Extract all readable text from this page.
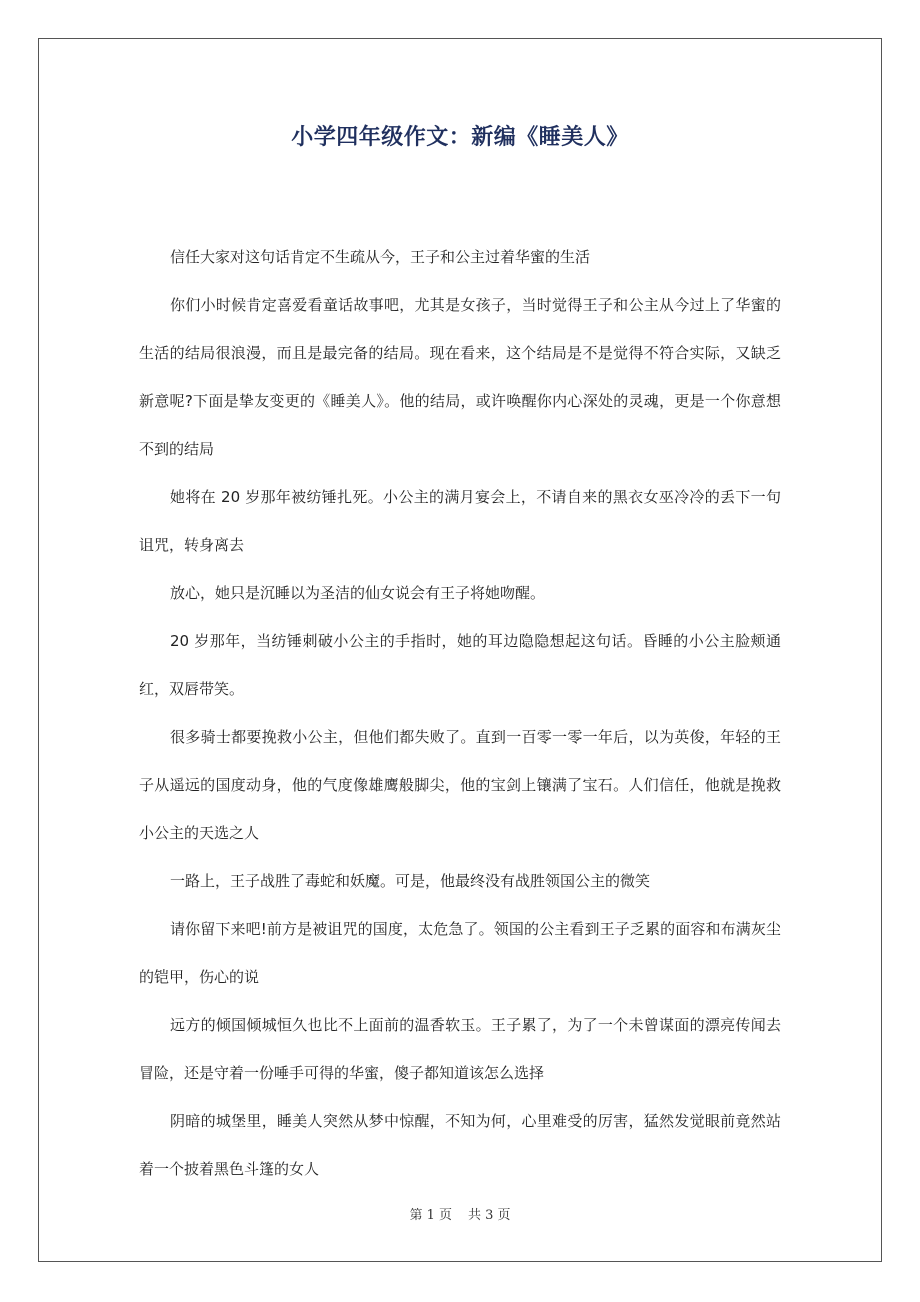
小学四年级作文：新编《睡美人》

信任大家对这句话肯定不生疏从今，王子和公主过着华蜜的生活

你们小时候肯定喜爱看童话故事吧，尤其是女孩子，当时觉得王子和公主从今过上了华蜜的生活的结局很浪漫，而且是最完备的结局。现在看来，这个结局是不是觉得不符合实际，又缺乏新意呢?下面是挚友变更的《睡美人》。他的结局，或许唤醒你内心深处的灵魂，更是一个你意想不到的结局

她将在 20 岁那年被纺锤扎死。小公主的满月宴会上，不请自来的黑衣女巫冷冷的丢下一句诅咒，转身离去

放心，她只是沉睡以为圣洁的仙女说会有王子将她吻醒。

20 岁那年，当纺锤刺破小公主的手指时，她的耳边隐隐想起这句话。昏睡的小公主脸颊通红，双唇带笑。

很多骑士都要挽救小公主，但他们都失败了。直到一百零一零一年后，以为英俊，年轻的王子从遥远的国度动身，他的气度像雄鹰般脚尖，他的宝剑上镶满了宝石。人们信任，他就是挽救小公主的天选之人

一路上，王子战胜了毒蛇和妖魔。可是，他最终没有战胜领国公主的微笑

请你留下来吧!前方是被诅咒的国度，太危急了。领国的公主看到王子乏累的面容和布满灰尘的铠甲，伤心的说

远方的倾国倾城恒久也比不上面前的温香软玉。王子累了，为了一个未曾谋面的漂亮传闻去冒险，还是守着一份唾手可得的华蜜，傻子都知道该怎么选择

阴暗的城堡里，睡美人突然从梦中惊醒，不知为何，心里难受的厉害，猛然发觉眼前竟然站着一个披着黑色斗篷的女人

第 1 页 共 3 页
